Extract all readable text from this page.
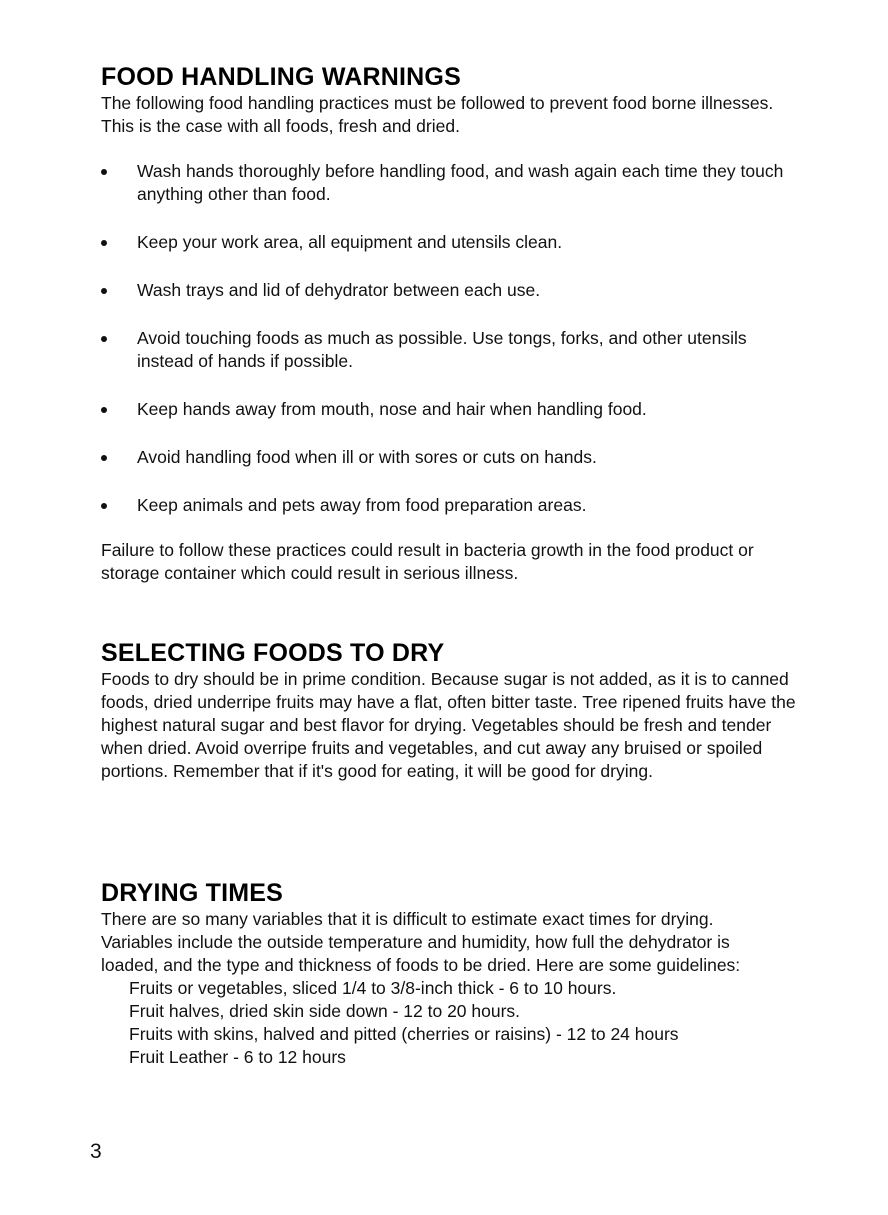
FOOD HANDLING WARNINGS

The following food handling practices must be followed to prevent food borne illnesses. This is the case with all foods, fresh and dried.

Wash hands thoroughly before handling food, and wash again each time they touch anything other than food.
Keep your work area, all equipment and utensils clean.
Wash trays and lid of dehydrator between each use.
Avoid touching foods as much as possible. Use tongs, forks, and other utensils instead of hands if possible.
Keep hands away from mouth, nose and hair when handling food.
Avoid handling food when ill or with sores or cuts on hands.
Keep animals and pets away from food preparation areas.

Failure to follow these practices could result in bacteria growth in the food product or storage container which could result in serious illness.

SELECTING FOODS TO DRY

Foods to dry should be in prime condition. Because sugar is not added, as it is to canned foods, dried underripe fruits may have a flat, often bitter taste. Tree ripened fruits have the highest natural sugar and best flavor for drying. Vegetables should be fresh and tender when dried. Avoid overripe fruits and vegetables, and cut away any bruised or spoiled portions. Remember that if it's good for eating, it will be good for drying.

DRYING TIMES

There are so many variables that it is difficult to estimate exact times for drying. Variables include the outside temperature and humidity, how full the dehydrator is loaded, and the type and thickness of foods to be dried. Here are some guidelines:

Fruits or vegetables, sliced 1/4 to 3/8-inch thick - 6 to 10 hours.
Fruit halves, dried skin side down - 12 to 20 hours.
Fruits with skins, halved and pitted (cherries or raisins) - 12 to 24 hours
Fruit Leather - 6 to 12 hours
3
